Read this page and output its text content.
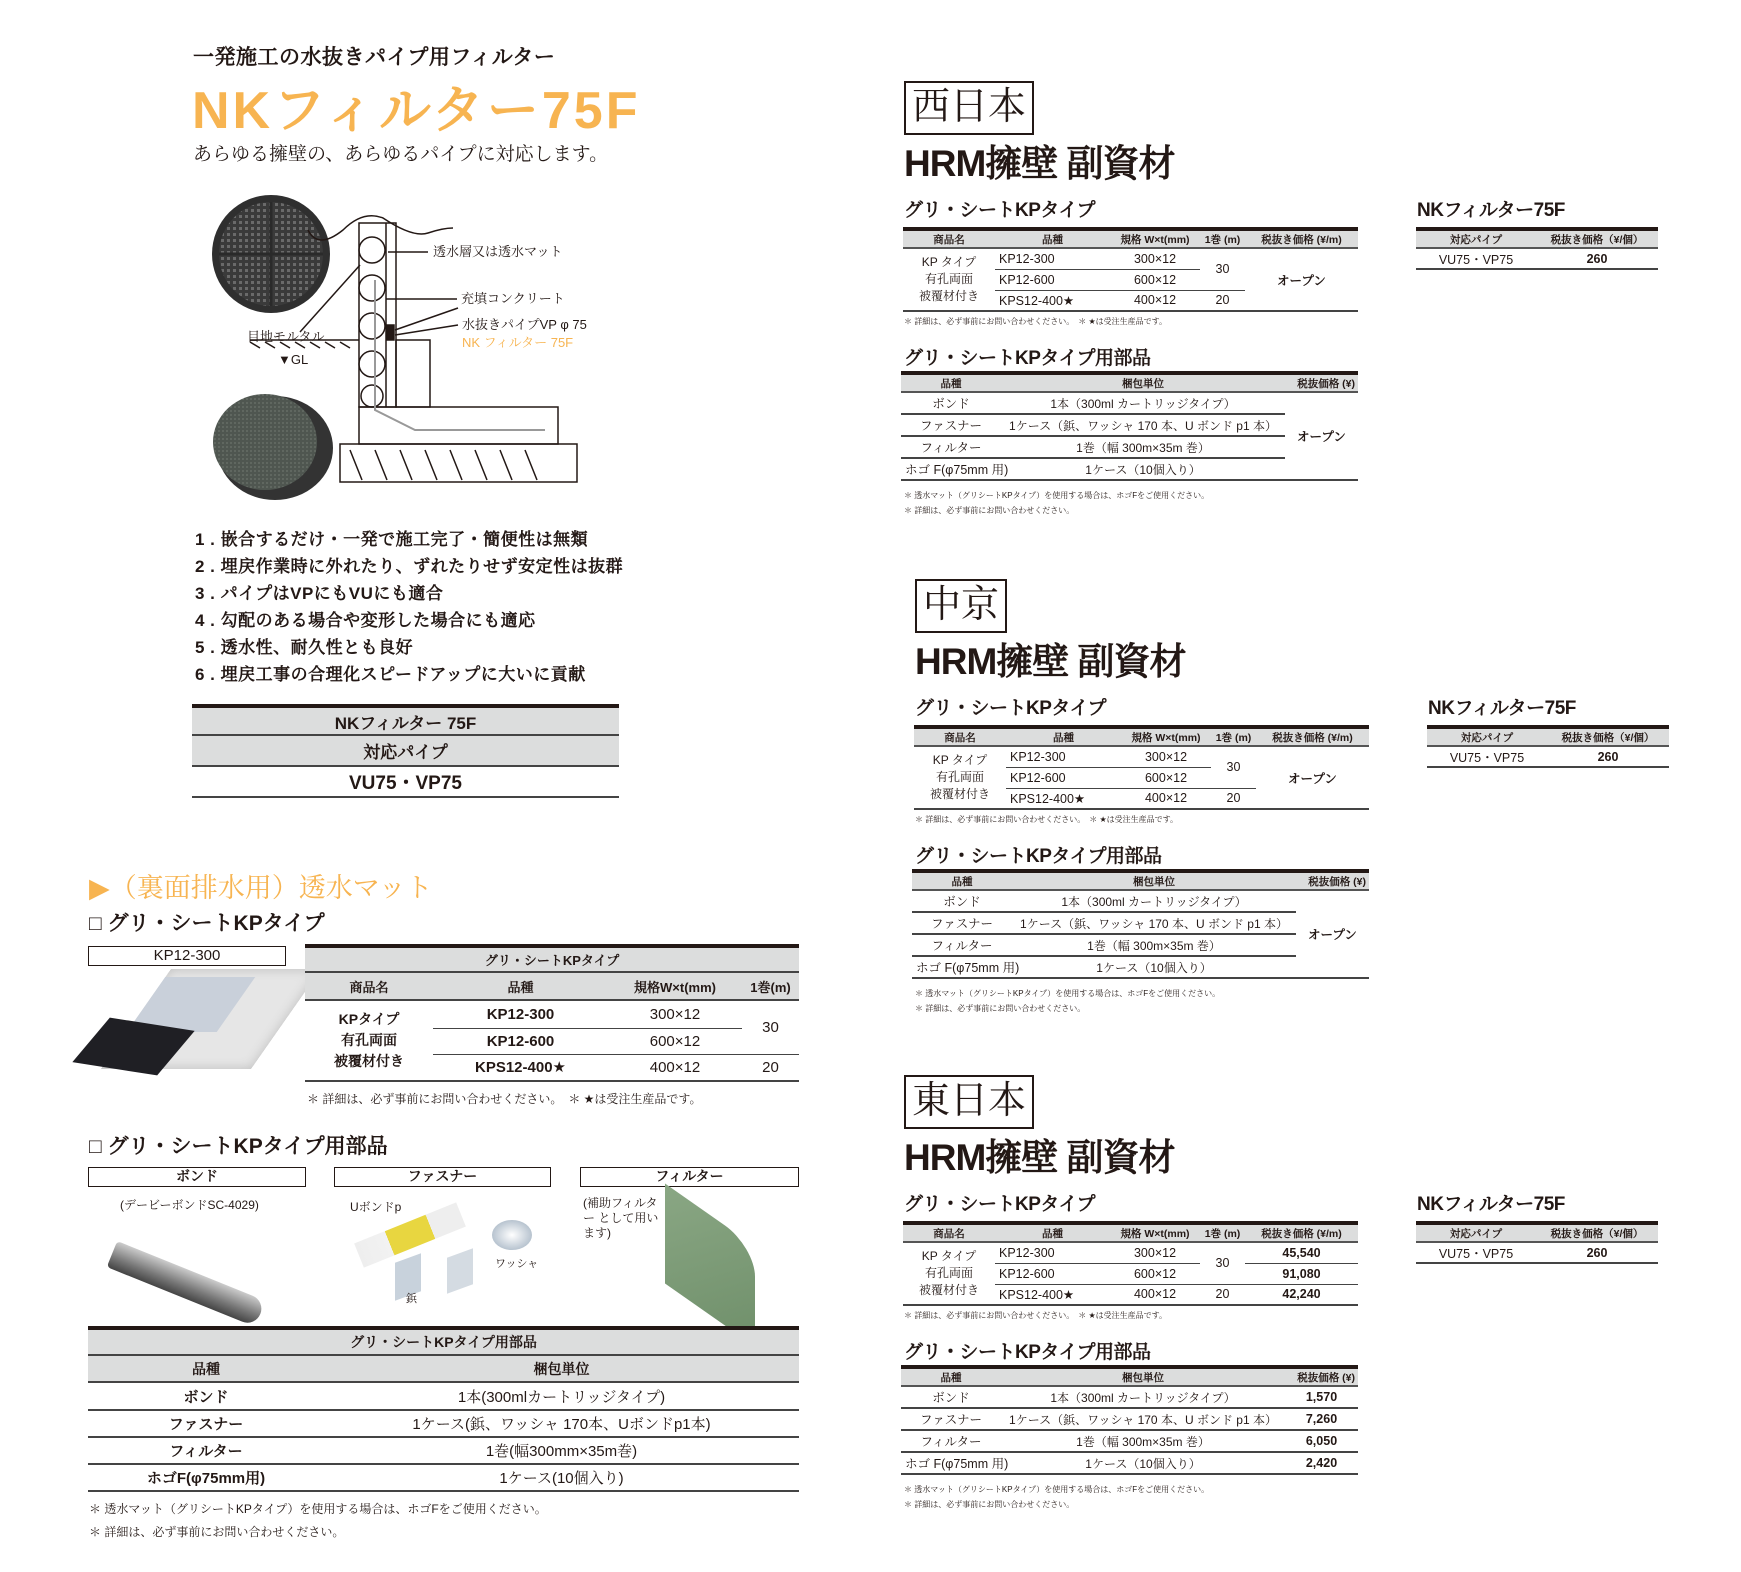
一発施工の水抜きパイプ用フィルター
NKフィルター75F
あらゆる擁壁の、あらゆるパイプに対応します。
透水層又は透水マット
充填コンクリート
水抜きパイプVP φ 75
NK フィルター 75F
目地モルタル
▼GL
1 . 嵌合するだけ・一発で施工完了・簡便性は無類
2 . 埋戻作業時に外れたり、ずれたりせず安定性は抜群
3 . パイプはVPにもVUにも適合
4 . 勾配のある場合や変形した場合にも適応
5 . 透水性、耐久性とも良好
6 . 埋戻工事の合理化スピードアップに大いに貢献
NKフィルター 75F
対応パイプ
VU75・VP75
▶（裏面排水用）透水マット
□ グリ・シートKPタイプ
KP12-300	グリ・シートKPタイプ			
商品名	品種	規格W×t(mm)	1巻(m)

KPタイプ
有孔両面
被覆材付き	KP12-300	300×12	30
	KP12-600	600×12	
	KPS12-400★	400×12	20
＊ 詳細は、必ず事前にお問い合わせください。　＊ ★は受注生産品です。
□ グリ・シートKPタイプ用部品
ボンド	ファスナー	フィルター
(デービーボンドSC-4029)	Uボンドp
ワッシャ
鋲
(補助フィルター として用います)
グリ・シートKPタイプ用部品	
品種	梱包単位
ボンド	1本(300mlカートリッジタイプ)
ファスナー	1ケース(鋲、ワッシャ 170本、Uボンドp1本)
フィルター	1巻(幅300mm×35m巻)
ホゴF(φ75mm用)	1ケース(10個入り)
＊ 透水マット（グリシートKPタイプ）を使用する場合は、ホゴFをご使用ください。
＊ 詳細は、必ず事前にお問い合わせください。
西日本
HRM擁壁 副資材
グリ・シートKPタイプ
商品名	品種	規格 W×t(mm)	1巻 (m)	税抜き価格 (¥/m)

KP タイプ
有孔両面
被覆材付き	KP12-300	300×12	30	オープン
	KP12-600	600×12		
	KPS12-400★	400×12	20	
＊ 詳細は、必ず事前にお問い合わせください。　＊ ★は受注生産品です。
グリ・シートKPタイプ用部品
品種	梱包単位	税抜価格 (¥)
ボンド	1本（300ml カートリッジタイプ）	オープン
ファスナー	1ケース（鋲、ワッシャ 170 本、U ボンド p1 本）	
フィルター	1巻（幅 300m×35m 巻）	
ホゴ F(φ75mm 用)	1ケース（10個入り）	
＊ 透水マット（グリシートKPタイプ）を使用する場合は、ホゴFをご使用ください。
＊ 詳細は、必ず事前にお問い合わせください。
NKフィルター75F
対応パイプ	税抜き価格（¥/個）
VU75・VP75	260
中京
HRM擁壁 副資材
グリ・シートKPタイプ
商品名	品種	規格 W×t(mm)	1巻 (m)	税抜き価格 (¥/m)

KP タイプ
有孔両面
被覆材付き	KP12-300	300×12	30	オープン
	KP12-600	600×12		
	KPS12-400★	400×12	20	
＊ 詳細は、必ず事前にお問い合わせください。　＊ ★は受注生産品です。
グリ・シートKPタイプ用部品
品種	梱包単位	税抜価格 (¥)
ボンド	1本（300ml カートリッジタイプ）	オープン
ファスナー	1ケース（鋲、ワッシャ 170 本、U ボンド p1 本）	
フィルター	1巻（幅 300m×35m 巻）	
ホゴ F(φ75mm 用)	1ケース（10個入り）	
＊ 透水マット（グリシートKPタイプ）を使用する場合は、ホゴFをご使用ください。
＊ 詳細は、必ず事前にお問い合わせください。
NKフィルター75F
対応パイプ	税抜き価格（¥/個）
VU75・VP75	260
東日本
HRM擁壁 副資材
グリ・シートKPタイプ
商品名	品種	規格 W×t(mm)	1巻 (m)	税抜き価格 (¥/m)

KP タイプ
有孔両面
被覆材付き	KP12-300	300×12	30	45,540
	KP12-600	600×12		91,080
	KPS12-400★	400×12	20	42,240
＊ 詳細は、必ず事前にお問い合わせください。　＊ ★は受注生産品です。
グリ・シートKPタイプ用部品
品種	梱包単位	税抜価格 (¥)
ボンド	1本（300ml カートリッジタイプ）	1,570
ファスナー	1ケース（鋲、ワッシャ 170 本、U ボンド p1 本）	7,260
フィルター	1巻（幅 300m×35m 巻）	6,050
ホゴ F(φ75mm 用)	1ケース（10個入り）	2,420
＊ 透水マット（グリシートKPタイプ）を使用する場合は、ホゴFをご使用ください。
＊ 詳細は、必ず事前にお問い合わせください。
NKフィルター75F
対応パイプ	税抜き価格（¥/個）
VU75・VP75	260
